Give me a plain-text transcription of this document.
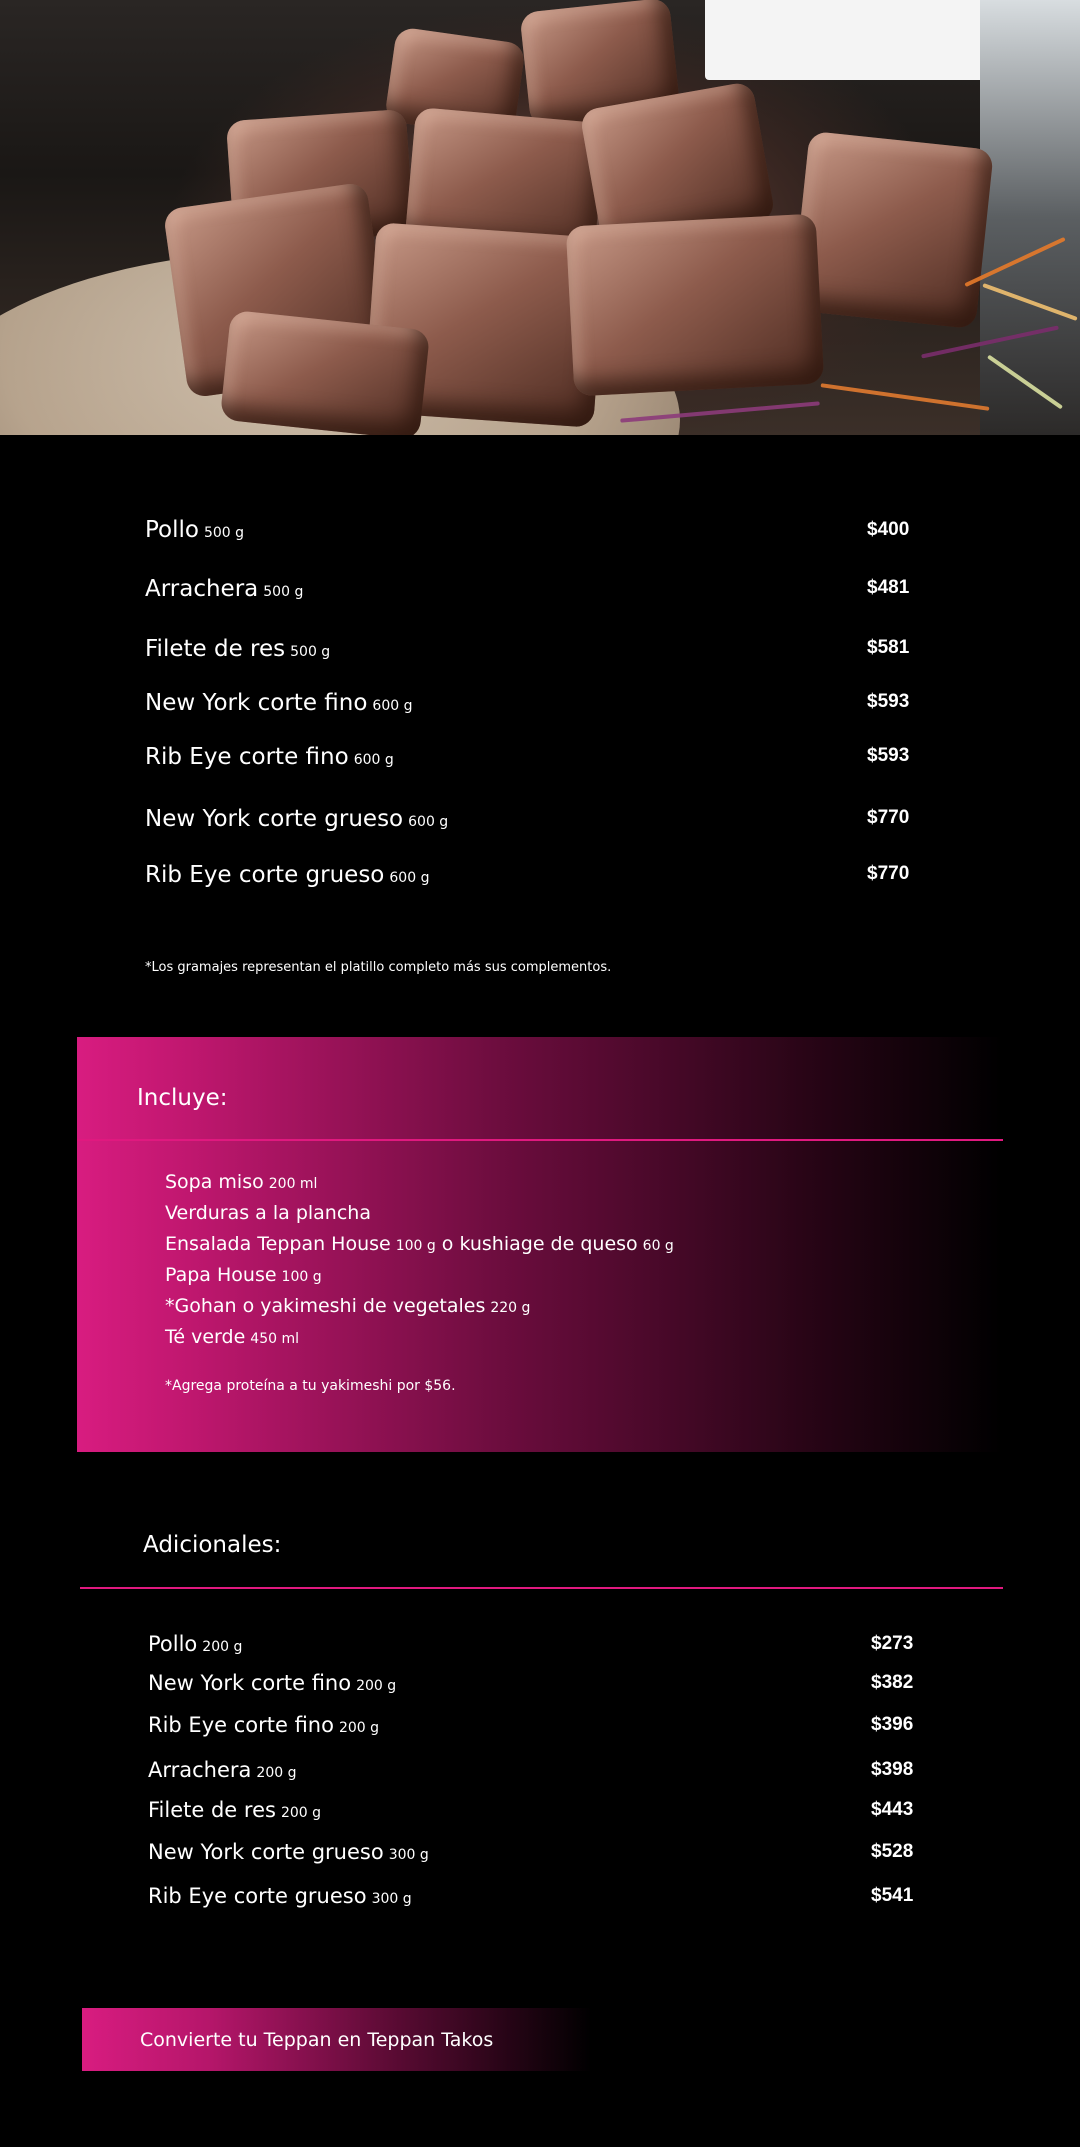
Pollo 500 g	$400
Arrachera 500 g	$481
Filete de res 500 g	$581
New York corte fino 600 g	$593
Rib Eye corte fino 600 g	$593
New York corte grueso 600 g	$770
Rib Eye corte grueso 600 g	$770
*Los gramajes representan el platillo completo más sus complementos.
Incluye:
Sopa miso 200 ml
Verduras a la plancha
Ensalada Teppan House 100 g o kushiage de queso 60 g
Papa House 100 g
*Gohan o yakimeshi de vegetales 220 g
Té verde 450 ml
*Agrega proteína a tu yakimeshi por $56.
Adicionales:
Pollo 200 g	$273
New York corte fino 200 g	$382
Rib Eye corte fino 200 g	$396
Arrachera 200 g	$398
Filete de res 200 g	$443
New York corte grueso 300 g	$528
Rib Eye corte grueso 300 g	$541
Convierte tu Teppan en Teppan Takos
